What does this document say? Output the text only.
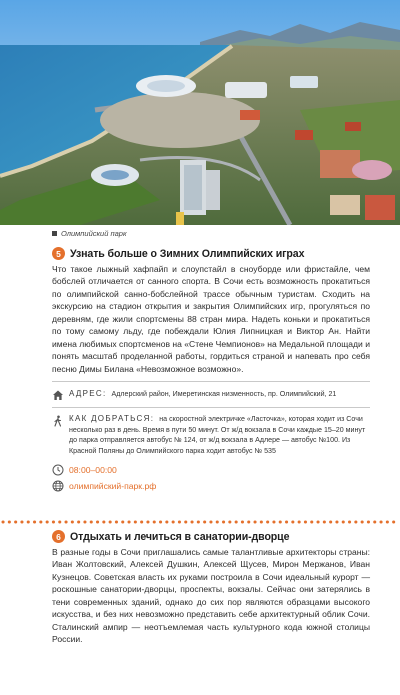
Олимпийский парк
5 Узнать больше о Зимних Олимпийских играх

Что такое лыжный хафпайп и слоупстайл в сноуборде или фристайле, чем бобслей отличается от санного спорта. В Сочи есть возможность прокатиться по олимпийской санно-бобслейной трассе обычным туристам. Сходить на экскурсию на стадион открытия и закрытия Олимпийских игр, прогуляться по деревням, где жили спортсмены 88 стран мира. Надеть коньки и прокатиться по тому самому льду, где побеждали Юлия Липницкая и Виктор Ан. Найти имена любимых спортсменов на «Стене Чемпионов» на Медальной площади и понять масштаб проделанной работы, гордиться страной и напевать про себя песню Димы Билана «Невозможное возможно».

АДРЕС: Адлерский район, Имеретинская низменность, пр. Олимпийский, 21
КАК ДОБРАТЬСЯ: на скоростной электричке «Ласточка», которая ходит из Сочи несколько раз в день. Время в пути 50 минут. От ж/д вокзала в Сочи каждые 15–20 минут до парка отправляется автобус № 124, от ж/д вокзала в Адлере — автобус №100. Из Красной Поляны до Олимпийского парка ходит автобус № 535
08:00–00:00
олимпийский-парк.рф
6 Отдыхать и лечиться в санатории-дворце

В разные годы в Сочи приглашались самые талантливые архитекторы страны: Иван Жолтовский, Алексей Душкин, Алексей Щусев, Мирон Мержанов, Иван Кузнецов. Советская власть их руками построила в Сочи идеальный курорт — роскошные санатории-дворцы, проспекты, вокзалы. Сейчас они затерялись в тени современных зданий, однако до сих пор являются образцами высокого искусства, и без них невозможно представить себе архитектурный облик Сочи. Сталинский ампир — неотъемлемая часть культурного кода южной столицы России.
